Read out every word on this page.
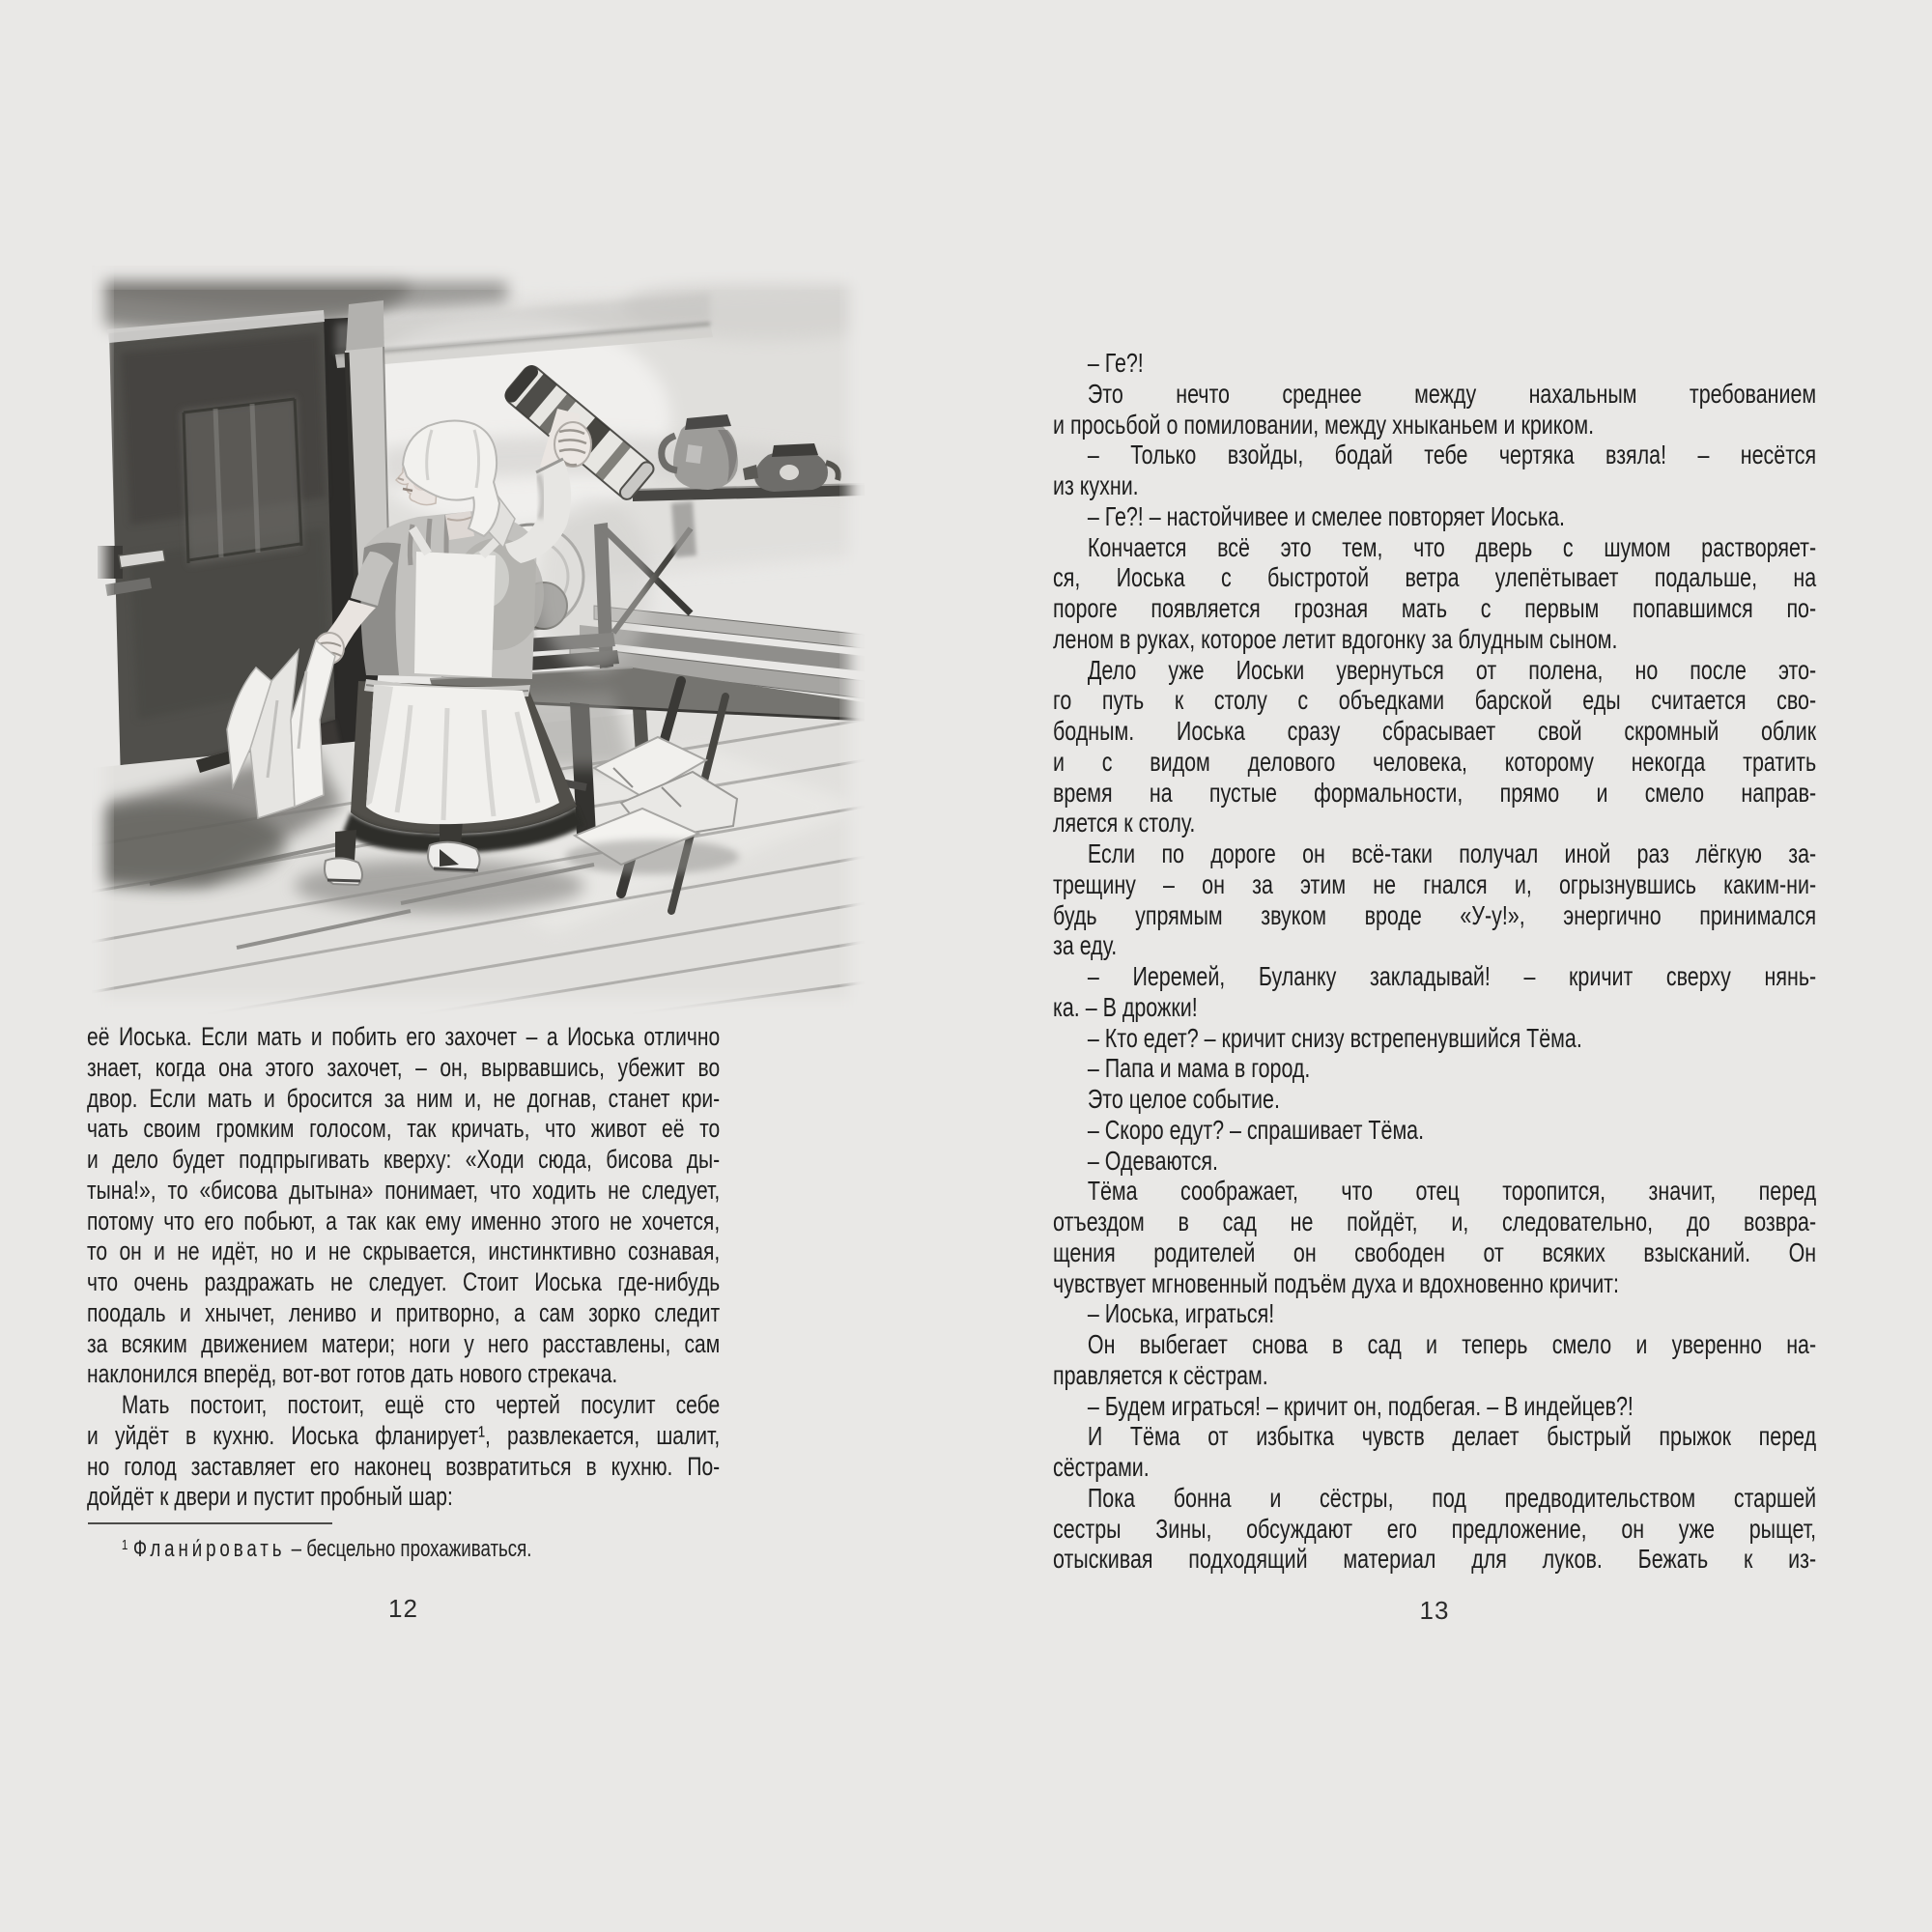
её Иоська. Если мать и побить его захочет – а Иоська отлично
знает, когда она этого захочет, – он, вырвавшись, убежит во
двор. Если мать и бросится за ним и, не догнав, станет кри-
чать своим громким голосом, так кричать, что живот её то
и дело будет подпрыгивать кверху: «Ходи сюда, бисова ды-
тына!», то «бисова дытына» понимает, что ходить не следует,
потому что его побьют, а так как ему именно этого не хочется,
то он и не идёт, но и не скрывается, инстинктивно сознавая,
что очень раздражать не следует. Стоит Иоська где-нибудь
поодаль и хнычет, лениво и притворно, а сам зорко следит
за всяким движением матери; ноги у него расставлены, сам
наклонился вперёд, вот-вот готов дать нового стрекача.
Мать постоит, постоит, ещё сто чертей посулит себе
и уйдёт в кухню. Иоська фланирует¹, развлекается, шалит,
но голод заставляет его наконец возвратиться в кухню. По-
дойдёт к двери и пустит пробный шар:
$^1$ Флани́ровать – бесцельно прохаживаться.
12
– Ге?!
Это нечто среднее между нахальным требованием
и просьбой о помиловании, между хныканьем и криком.
– Только взойды, бодай тебе чертяка взяла! – несётся
из кухни.
– Ге?! – настойчивее и смелее повторяет Иоська.
Кончается всё это тем, что дверь с шумом растворяет-
ся, Иоська с быстротой ветра улепётывает подальше, на
пороге появляется грозная мать с первым попавшимся по-
леном в руках, которое летит вдогонку за блудным сыном.
Дело уже Иоськи увернуться от полена, но после это-
го путь к столу с объедками барской еды считается сво-
бодным. Иоська сразу сбрасывает свой скромный облик
и с видом делового человека, которому некогда тратить
время на пустые формальности, прямо и смело направ-
ляется к столу.
Если по дороге он всё-таки получал иной раз лёгкую за-
трещину – он за этим не гнался и, огрызнувшись каким-ни-
будь упрямым звуком вроде «У-у!», энергично принимался
за еду.
– Иеремей, Буланку закладывай! – кричит сверху нянь-
ка. – В дрожки!
– Кто едет? – кричит снизу встрепенувшийся Тёма.
– Папа и мама в город.
Это целое событие.
– Скоро едут? – спрашивает Тёма.
– Одеваются.
Тёма соображает, что отец торопится, значит, перед
отъездом в сад не пойдёт, и, следовательно, до возвра-
щения родителей он свободен от всяких взысканий. Он
чувствует мгновенный подъём духа и вдохновенно кричит:
– Иоська, играться!
Он выбегает снова в сад и теперь смело и уверенно на-
правляется к сёстрам.
– Будем играться! – кричит он, подбегая. – В индейцев?!
И Тёма от избытка чувств делает быстрый прыжок перед
сёстрами.
Пока бонна и сёстры, под предводительством старшей
сестры Зины, обсуждают его предложение, он уже рыщет,
отыскивая подходящий материал для луков. Бежать к из-
13
